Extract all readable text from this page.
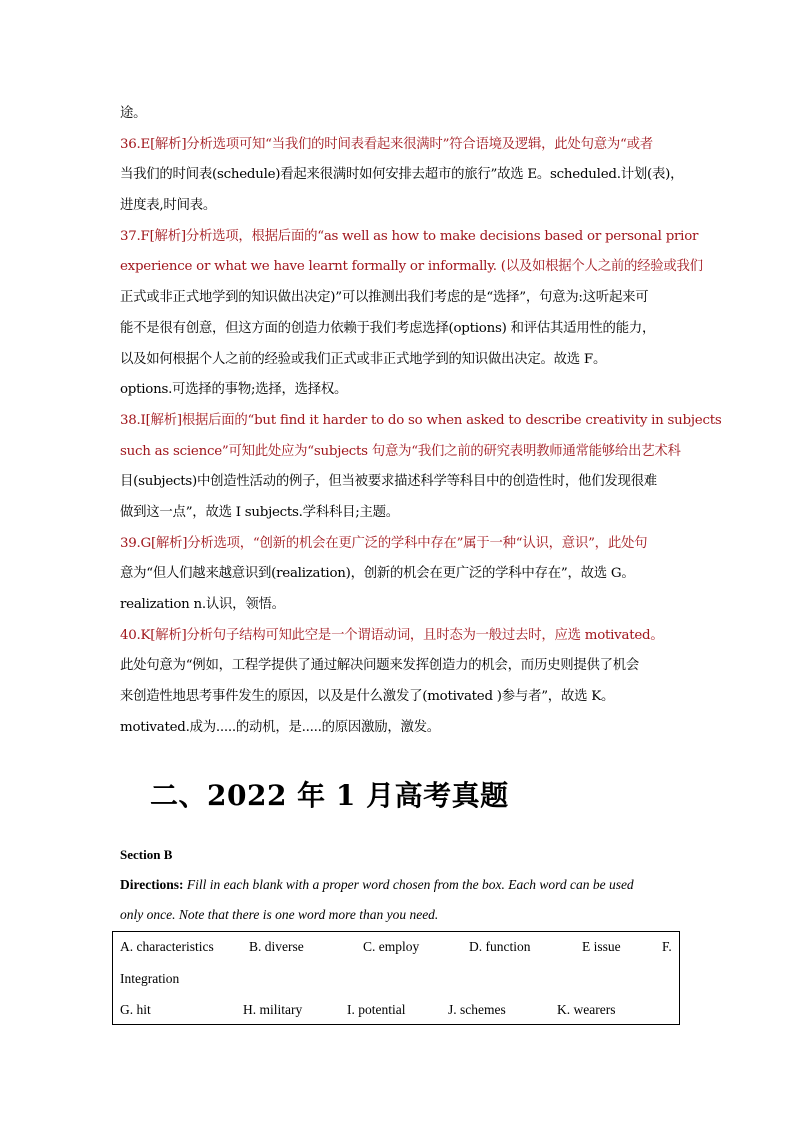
途。
36.E[解析]分析选项可知“当我们的时间表看起来很满时”符合语境及逻辑，此处句意为“或者
当我们的时间表(schedule)看起来很满时如何安排去超市的旅行”故选 E。scheduled.计划(表)，
进度表,时间表。
37.F[解析]分析选项，根据后面的“as well as how to make decisions based or personal prior
experience or what we have learnt formally or informally. (以及如根据个人之前的经验或我们
正式或非正式地学到的知识做出决定)”可以推测出我们考虑的是“选择”，句意为:这听起来可
能不是很有创意，但这方面的创造力依赖于我们考虑选择(options) 和评估其适用性的能力，
以及如何根据个人之前的经验或我们正式或非正式地学到的知识做出决定。故选 F。
options.可选择的事物;选择，选择权。
38.I[解析]根据后面的“but find it harder to do so when asked to describe creativity in subjects
such as science”可知此处应为“subjects 句意为“我们之前的研究表明教师通常能够给出艺术科
目(subjects)中创造性活动的例子，但当被要求描述科学等科目中的创造性时，他们发现很难
做到这一点”，故选 I subjects.学科科目;主题。
39.G[解析]分析选项，“创新的机会在更广泛的学科中存在”属于一种“认识，意识”，此处句
意为“但人们越来越意识到(realization)，创新的机会在更广泛的学科中存在”，故选 G。
realization n.认识，领悟。
40.K[解析]分析句子结构可知此空是一个谓语动词，且时态为一般过去时，应选 motivated。
此处句意为“例如，工程学提供了通过解决问题来发挥创造力的机会，而历史则提供了机会
来创造性地思考事件发生的原因，以及是什么激发了(motivated )参与者”，故选 K。
motivated.成为.....的动机，是.....的原因激励，激发。
二、2022 年 1 月高考真题
Section B
Directions: Fill in each blank with a proper word chosen from the box. Each word can be used
only once. Note that there is one word more than you need.
A. characteristics	B. diverse	C. employ	D. function	E issue	F.
Integration
G. hit	H. military	I. potential	J. schemes	K. wearers
